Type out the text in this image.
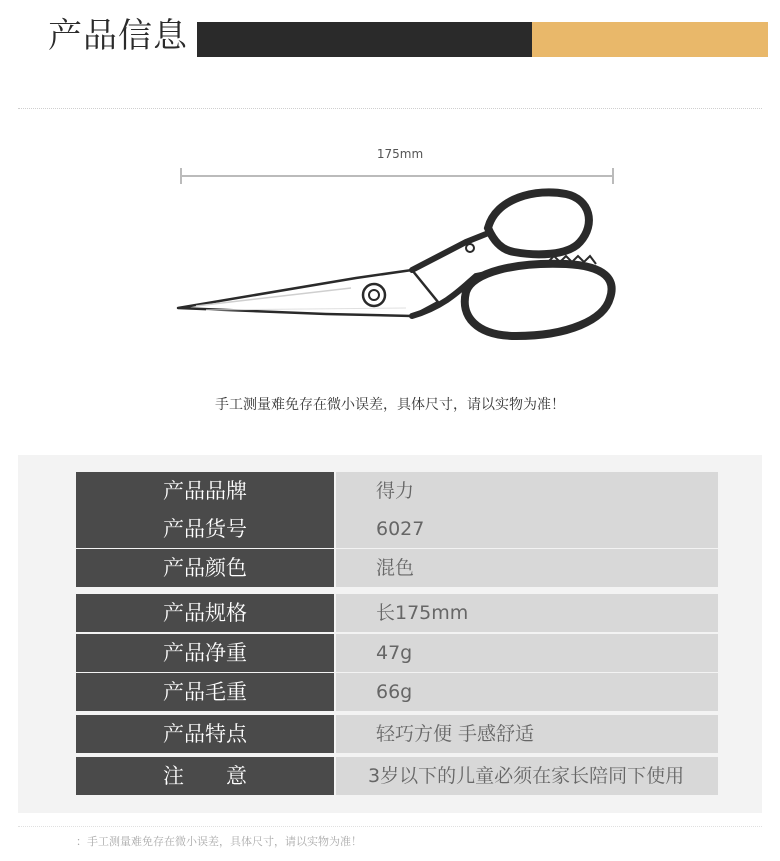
产品信息
175mm
手工测量难免存在微小误差，具体尺寸，请以实物为准！
产品品牌	得力
产品货号	6027
产品颜色	混色
产品规格	长175mm
产品净重	47g
产品毛重	66g
产品特点	轻巧方便 手感舒适
注　　意	3岁以下的儿童必须在家长陪同下使用
：手工测量难免存在微小误差，具体尺寸，请以实物为准！
